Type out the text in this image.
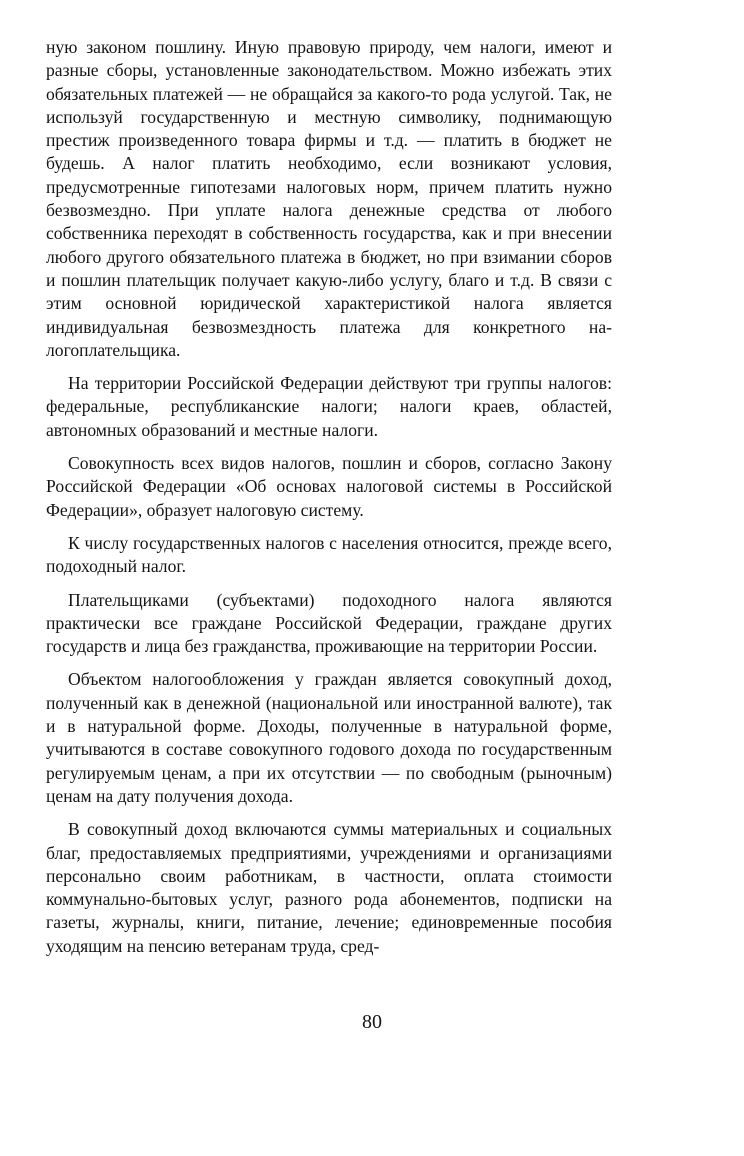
ную законом пошлину. Иную правовую природу, чем налоги, имеют и разные сборы, установленные законодательством. Можно избежать этих обязательных платежей — не обращайся за какого-то рода услугой. Так, не используй государственную и местную символику, поднимающую престиж произведенного товара фирмы и т.д. — платить в бюджет не будешь. А налог платить необходимо, если возникают условия, предусмотренные гипотезами налоговых норм, причем платить нужно безвозмездно. При уплате налога денежные средства от любого собственника переходят в собственность государства, как и при внесении любого другого обязательного платежа в бюджет, но при взимании сборов и пошлин плательщик получает какую-либо услугу, благо и т.д. В связи с этим основной юридической характеристикой налога является индивидуальная безвозмездность платежа для конкретного налогоплательщика.

На территории Российской Федерации действуют три группы налогов: федеральные, республиканские налоги; налоги краев, областей, автономных образований и местные налоги.

Совокупность всех видов налогов, пошлин и сборов, согласно Закону Российской Федерации «Об основах налоговой системы в Российской Федерации», образует налоговую систему.

К числу государственных налогов с населения относится, прежде всего, подоходный налог.

Плательщиками (субъектами) подоходного налога являются практически все граждане Российской Федерации, граждане других государств и лица без гражданства, проживающие на территории России.

Объектом налогообложения у граждан является совокупный доход, полученный как в денежной (национальной или иностранной валюте), так и в натуральной форме. Доходы, полученные в натуральной форме, учитываются в составе совокупного годового дохода по государственным регулируемым ценам, а при их отсутствии — по свободным (рыночным) ценам на дату получения дохода.

В совокупный доход включаются суммы материальных и социальных благ, предоставляемых предприятиями, учреждениями и организациями персонально своим работникам, в частности, оплата стоимости коммунально-бытовых услуг, разного рода абонементов, подписки на газеты, журналы, книги, питание, лечение; единовременные пособия уходящим на пенсию ветеранам труда, сред-

80
